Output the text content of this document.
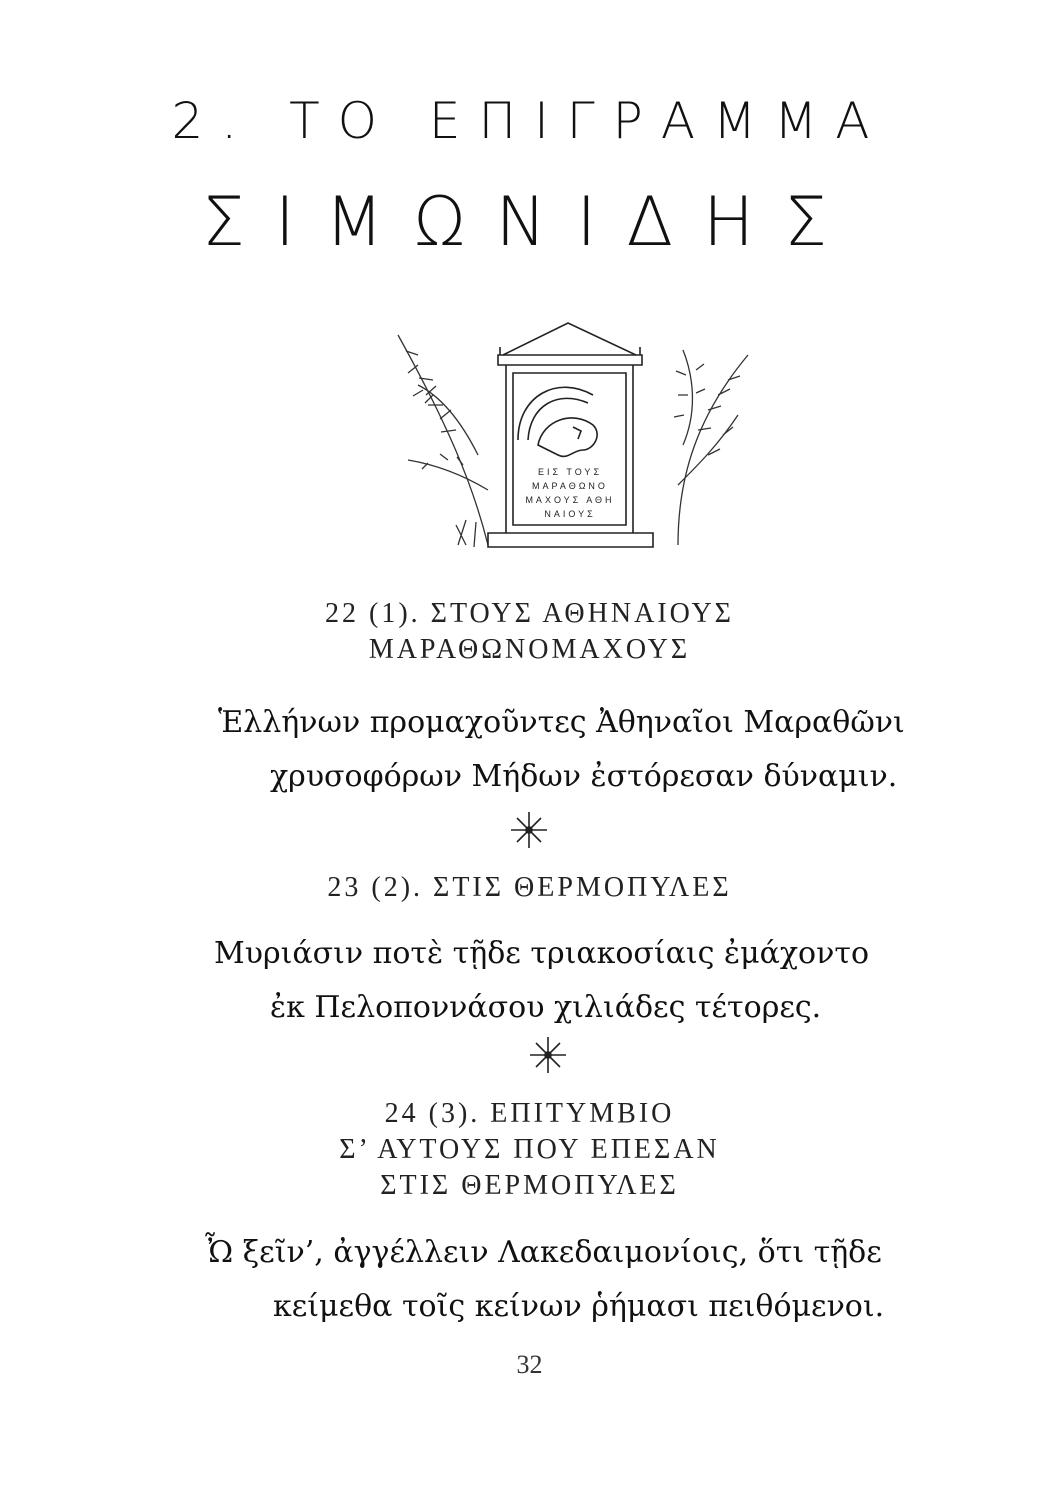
2. ΤΟ ΕΠΙΓΡΑΜΜΑ
ΣΙΜΩΝΙΔΗΣ
ΕΙΣ ΤΟΥΣ
ΜΑΡΑΘΩΝΟ
ΜΑΧΟΥΣ ΑΘΗ
ΝΑΙΟΥΣ
22 (1). ΣΤΟΥΣ ΑΘΗΝΑΙΟΥΣ
ΜΑΡΑΘΩΝΟΜΑΧΟΥΣ
Ἑλλήνων προμαχοῦντες Ἀθηναῖοι Μαραθῶνι
χρυσοφόρων Μήδων ἐστόρεσαν δύναμιν.
23 (2). ΣΤΙΣ ΘΕΡΜΟΠΥΛΕΣ
Μυριάσιν ποτὲ τῇδε τριακοσίαις ἐμάχοντο
ἐκ Πελοποννάσου χιλιάδες τέτορες.
24 (3). ΕΠΙΤΥΜΒΙΟ
Σ’ ΑΥΤΟΥΣ ΠΟΥ ΕΠΕΣΑΝ
ΣΤΙΣ ΘΕΡΜΟΠΥΛΕΣ
Ὦ ξεῖν’, ἀγγέλλειν Λακεδαιμονίοις, ὅτι τῇδε
κείμεθα τοῖς κείνων ῥήμασι πειθόμενοι.
32
